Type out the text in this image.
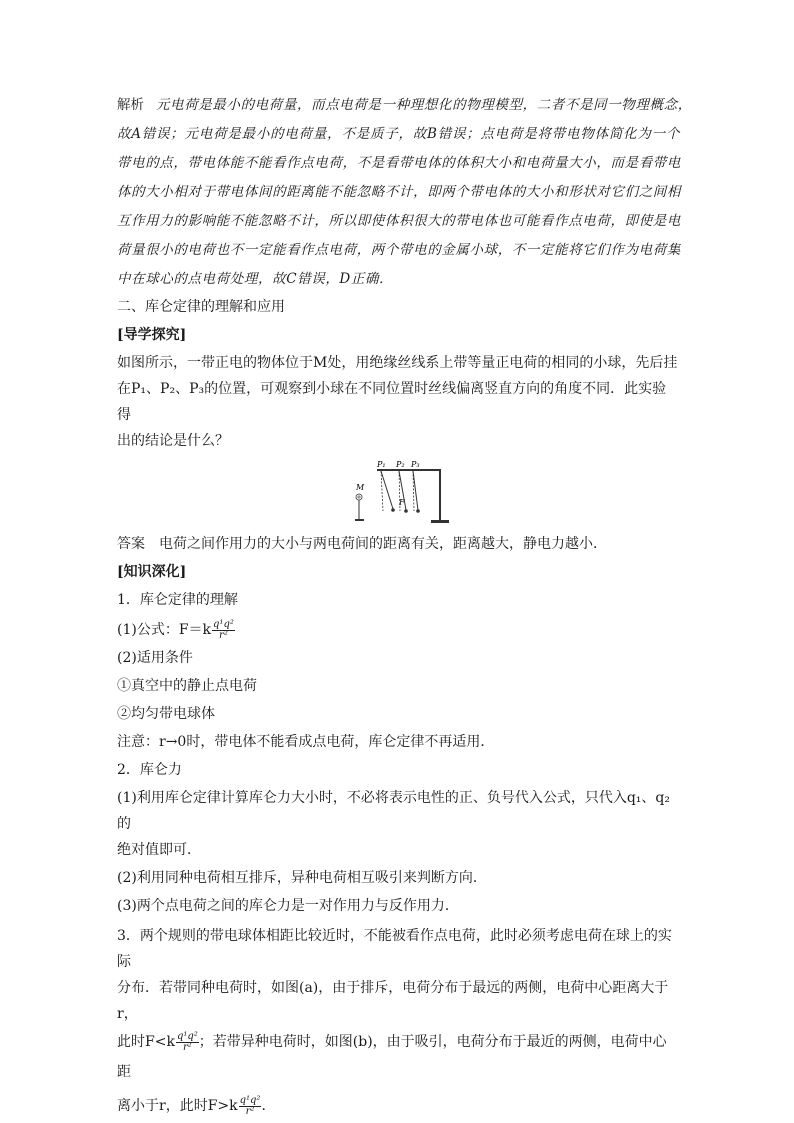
解析 元电荷是最小的电荷量，而点电荷是一种理想化的物理模型，二者不是同一物理概念，
故A错误；元电荷是最小的电荷量，不是质子，故B错误；点电荷是将带电物体简化为一个
带电的点，带电体能不能看作点电荷，不是看带电体的体积大小和电荷量大小，而是看带电
体的大小相对于带电体间的距离能不能忽略不计，即两个带电体的大小和形状对它们之间相
互作用力的影响能不能忽略不计，所以即使体积很大的带电体也可能看作点电荷，即使是电
荷量很小的电荷也不一定能看作点电荷，两个带电的金属小球，不一定能将它们作为电荷集
中在球心的点电荷处理，故C错误，D正确．
二、库仑定律的理解和应用
[导学探究]
如图所示，一带正电的物体位于M处，用绝缘丝线系上带等量正电荷的相同的小球，先后挂
在P₁、P₂、P₃的位置，可观察到小球在不同位置时丝线偏离竖直方向的角度不同．此实验得
出的结论是什么？
P₁ P₂ P₃
F
M
答案 电荷之间作用力的大小与两电荷间的距离有关，距离越大，静电力越小．
[知识深化]
1．库仑定律的理解
(1)公式：$F=k \frac{\text{q¹q²}}{\text{r²}}$
(2)适用条件
①真空中的静止点电荷
②均匀带电球体
注意：r→0时，带电体不能看成点电荷，库仑定律不再适用．
2．库仑力
(1)利用库仑定律计算库仑力大小时，不必将表示电性的正、负号代入公式，只代入q₁、q₂的
绝对值即可．
(2)利用同种电荷相互排斥，异种电荷相互吸引来判断方向．
(3)两个点电荷之间的库仑力是一对作用力与反作用力．
3．两个规则的带电球体相距比较近时，不能被看作点电荷，此时必须考虑电荷在球上的实际
分布．若带同种电荷时，如图(a)，由于排斥，电荷分布于最远的两侧，电荷中心距离大于r，
此时$F<k \frac{\text{q¹q²}}{\text{r²}}$ ；若带异种电荷时，如图(b)，由于吸引，电荷分布于最近的两侧，电荷中心距
离小于r，此时$F>k \frac{\text{q¹q²}}{\text{r²}}$ .
